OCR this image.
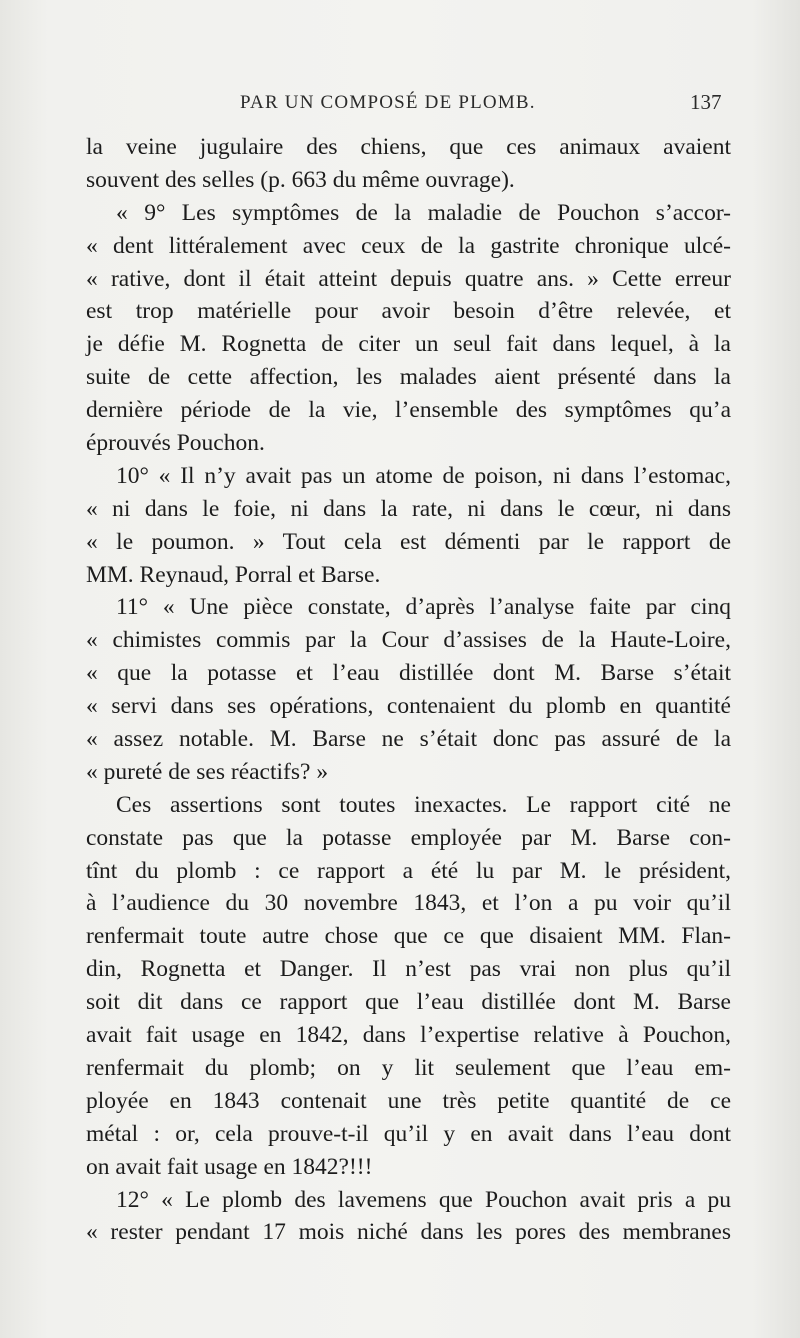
PAR UN COMPOSÉ DE PLOMB.	137
la veine jugulaire des chiens, que ces animaux avaient
souvent des selles (p. 663 du même ouvrage).
« 9° Les symptômes de la maladie de Pouchon s’accor-
« dent littéralement avec ceux de la gastrite chronique ulcé-
« rative, dont il était atteint depuis quatre ans. » Cette erreur
est trop matérielle pour avoir besoin d’être relevée, et
je défie M. Rognetta de citer un seul fait dans lequel, à la
suite de cette affection, les malades aient présenté dans la
dernière période de la vie, l’ensemble des symptômes qu’a
éprouvés Pouchon.
10° « Il n’y avait pas un atome de poison, ni dans l’estomac,
« ni dans le foie, ni dans la rate, ni dans le cœur, ni dans
« le poumon. » Tout cela est démenti par le rapport de
MM. Reynaud, Porral et Barse.
11° « Une pièce constate, d’après l’analyse faite par cinq
« chimistes commis par la Cour d’assises de la Haute-Loire,
« que la potasse et l’eau distillée dont M. Barse s’était
« servi dans ses opérations, contenaient du plomb en quantité
« assez notable. M. Barse ne s’était donc pas assuré de la
« pureté de ses réactifs? »
Ces assertions sont toutes inexactes. Le rapport cité ne
constate pas que la potasse employée par M. Barse con-
tînt du plomb : ce rapport a été lu par M. le président,
à l’audience du 30 novembre 1843, et l’on a pu voir qu’il
renfermait toute autre chose que ce que disaient MM. Flan-
din, Rognetta et Danger. Il n’est pas vrai non plus qu’il
soit dit dans ce rapport que l’eau distillée dont M. Barse
avait fait usage en 1842, dans l’expertise relative à Pouchon,
renfermait du plomb; on y lit seulement que l’eau em-
ployée en 1843 contenait une très petite quantité de ce
métal : or, cela prouve-t-il qu’il y en avait dans l’eau dont
on avait fait usage en 1842?!!!
12° « Le plomb des lavemens que Pouchon avait pris a pu
« rester pendant 17 mois niché dans les pores des membranes
